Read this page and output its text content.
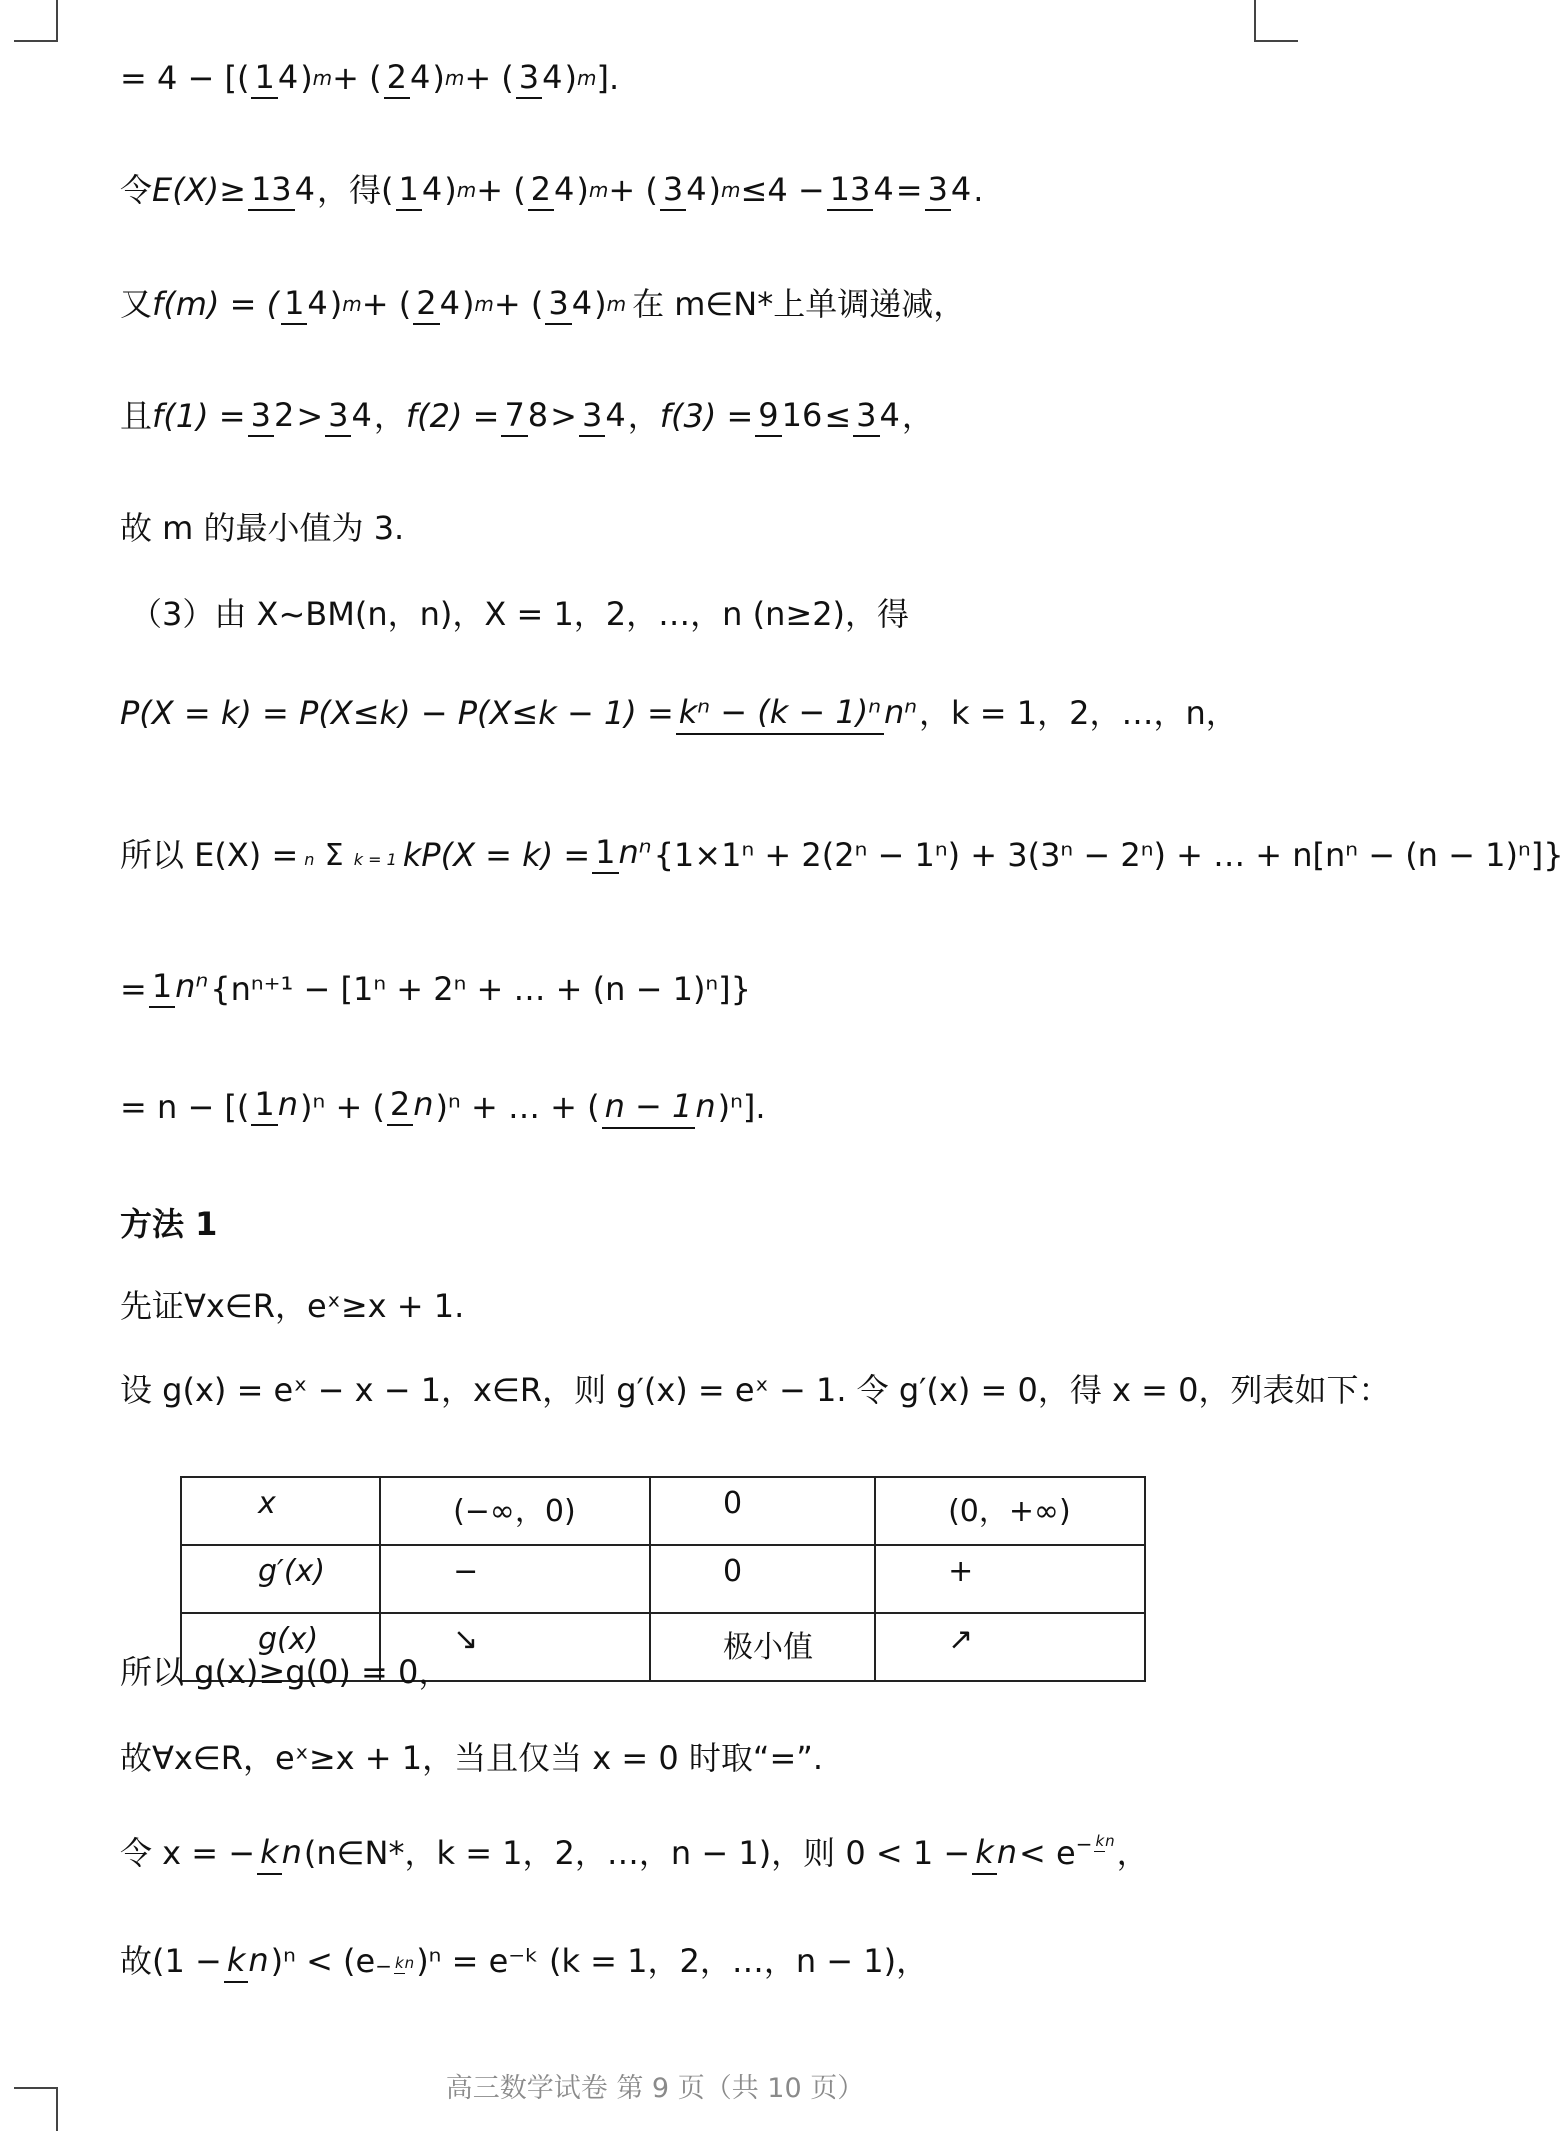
= 4 − [( 14 ) m + ( 24 ) m + ( 34 ) m ].
令 E(X)≥ 134 ，得( 14 ) m + ( 24 ) m + ( 34 ) m ≤4 − 134 = 34 .
又 f(m) = ( 14 ) m + ( 24 ) m + ( 34 ) m 在 m∈N*上单调递减，
且 f(1) = 32 > 34 ， f(2) = 78 > 34 ， f(3) = 916 ≤ 34 ，
故 m 的最小值为 3.
（3）由 X~BM(n，n)，X = 1，2，…，n (n≥2)，得
P(X = k) = P(X≤k) − P(X≤k − 1) = kⁿ − (k − 1)ⁿnⁿ ，k = 1，2，…，n，
所以 E(X) = n Σ k = 1 kP(X = k) = 1nⁿ {1×1ⁿ + 2(2ⁿ − 1ⁿ) + 3(3ⁿ − 2ⁿ) + … + n[nⁿ − (n − 1)ⁿ]}
= 1nⁿ {nⁿ⁺¹ − [1ⁿ + 2ⁿ + … + (n − 1)ⁿ]}
= n − [( 1n )ⁿ + ( 2n )ⁿ + … + ( n − 1n )ⁿ].
方法 1
先证∀x∈R，eˣ≥x + 1.
设 g(x) = eˣ − x − 1，x∈R，则 g′(x) = eˣ − 1. 令 g′(x) = 0，得 x = 0，列表如下：
x	(−∞，0)	0	(0，+∞)
g′(x)	−	0	+
g(x)	↘	极小值	↗
所以 g(x)≥g(0) = 0，
故∀x∈R，eˣ≥x + 1，当且仅当 x = 0 时取“=”.
令 x = − kn (n∈N*，k = 1，2，…，n − 1)，则 0 < 1 − kn < e − kn ，
故(1 − kn )ⁿ < (e − kn )ⁿ = e⁻ᵏ (k = 1，2，…，n − 1)，
高三数学试卷 第 9 页（共 10 页）
